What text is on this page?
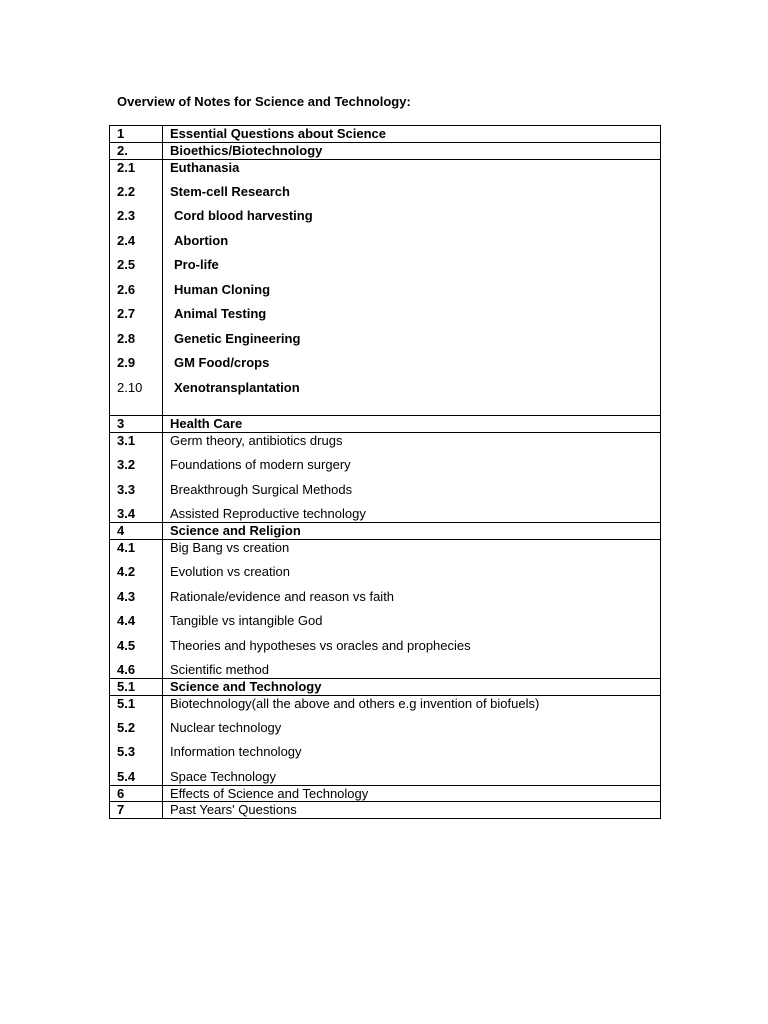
Overview of Notes for Science and Technology:
1	Essential Questions about Science
2.	Bioethics/Biotechnology
2.1	Euthanasia
2.2	Stem-cell Research
2.3	Cord blood harvesting
2.4	Abortion
2.5	Pro-life
2.6	Human Cloning
2.7	Animal Testing
2.8	Genetic Engineering
2.9	GM Food/crops
2.10	Xenotransplantation
3	Health Care
3.1	Germ theory, antibiotics drugs
3.2	Foundations of modern surgery
3.3	Breakthrough Surgical Methods
3.4	Assisted Reproductive technology
4	Science and Religion
4.1	Big Bang vs creation
4.2	Evolution vs creation
4.3	Rationale/evidence and reason vs faith
4.4	Tangible vs intangible God
4.5	Theories and hypotheses vs oracles and prophecies
4.6	Scientific method
5.1	Science and Technology
5.1	Biotechnology(all the above and others e.g invention of biofuels)
5.2	Nuclear technology
5.3	Information technology
5.4	Space Technology
6	Effects of Science and Technology
7	Past Years' Questions
